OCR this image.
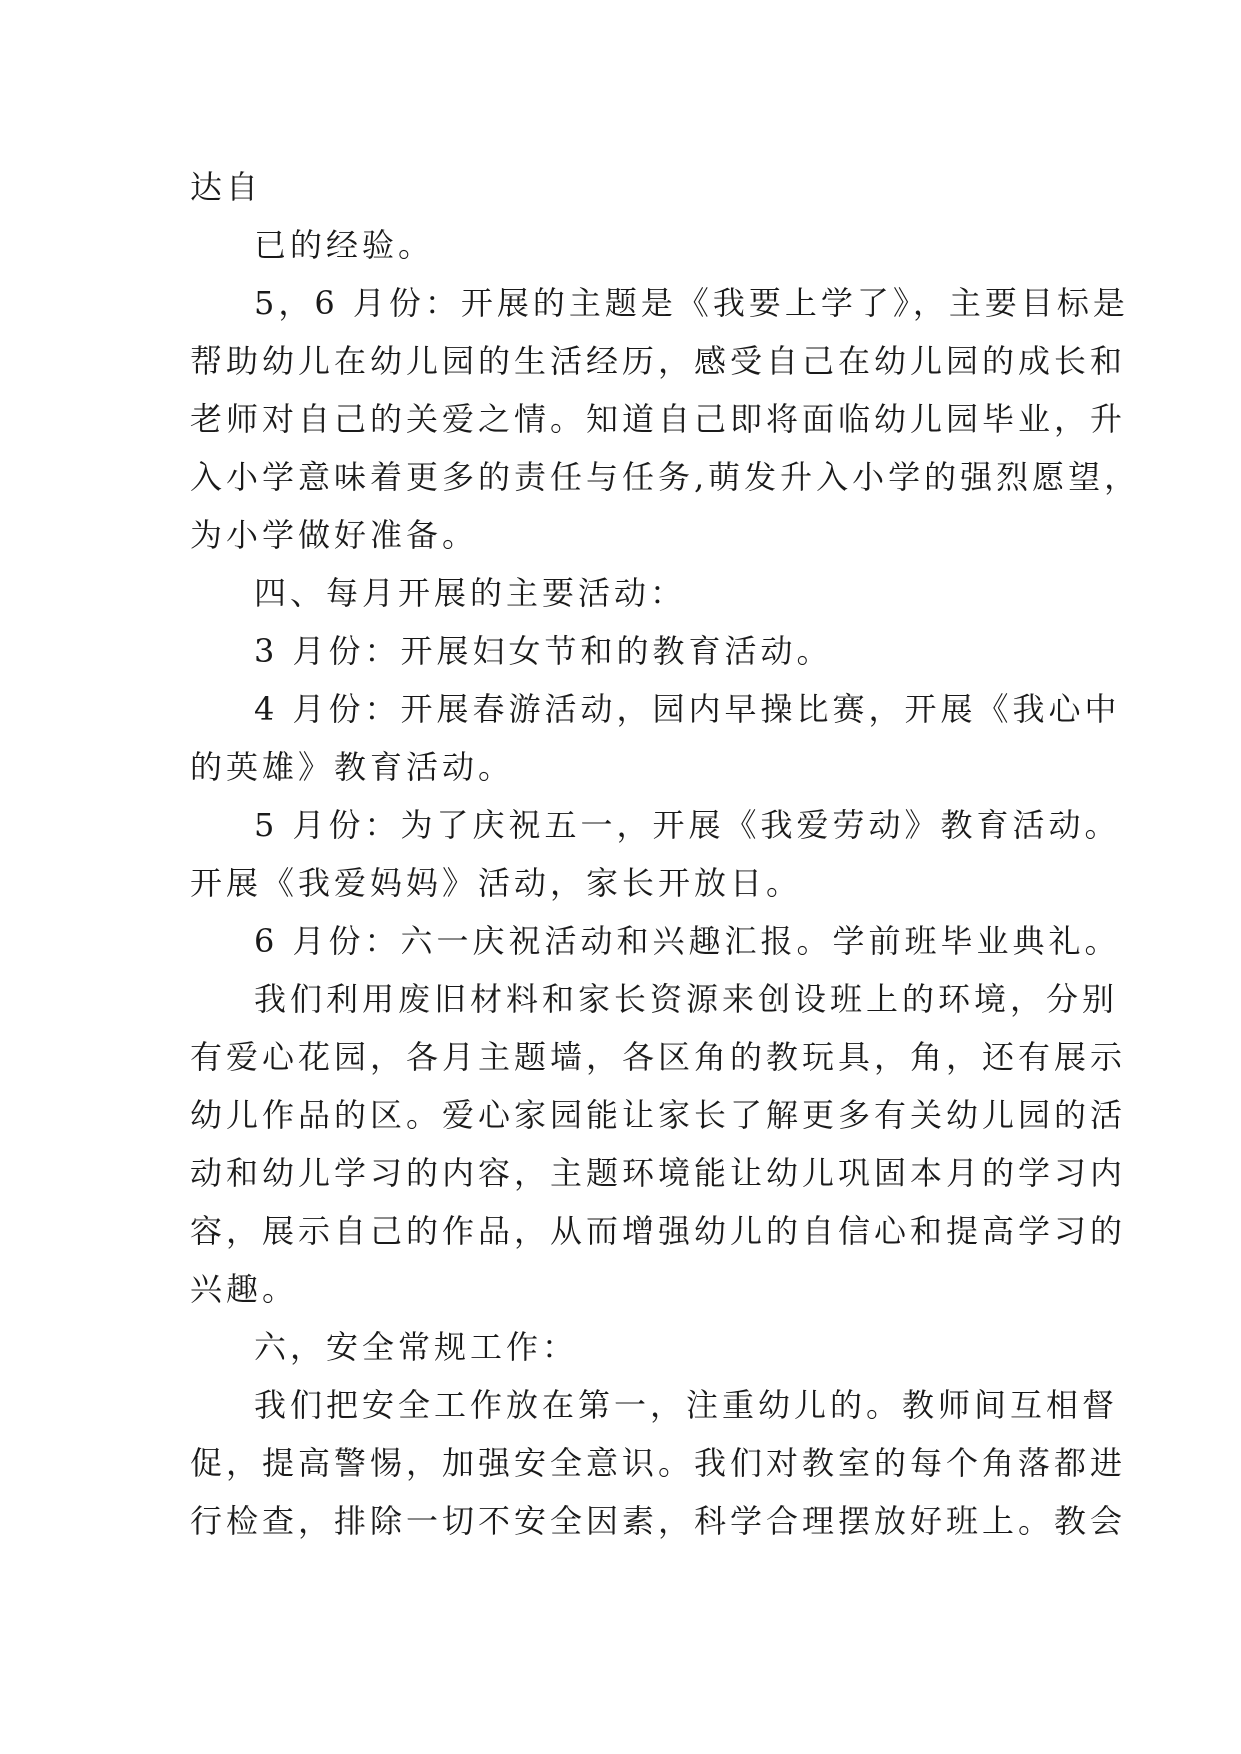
达自
已的经验。
5，6 月份：开展的主题是《我要上学了》，主要目标是
帮助幼儿在幼儿园的生活经历，感受自己在幼儿园的成长和
老师对自己的关爱之情。知道自己即将面临幼儿园毕业，升
入小学意味着更多的责任与任务,萌发升入小学的强烈愿望，
为小学做好准备。
四、每月开展的主要活动：
3 月份：开展妇女节和的教育活动。
4 月份：开展春游活动，园内早操比赛，开展《我心中
的英雄》教育活动。
5 月份：为了庆祝五一，开展《我爱劳动》教育活动。
开展《我爱妈妈》活动，家长开放日。
6 月份：六一庆祝活动和兴趣汇报。学前班毕业典礼。
我们利用废旧材料和家长资源来创设班上的环境，分别
有爱心花园，各月主题墙，各区角的教玩具，角，还有展示
幼儿作品的区。爱心家园能让家长了解更多有关幼儿园的活
动和幼儿学习的内容，主题环境能让幼儿巩固本月的学习内
容，展示自己的作品，从而增强幼儿的自信心和提高学习的
兴趣。
六，安全常规工作：
我们把安全工作放在第一，注重幼儿的。教师间互相督
促，提高警惕，加强安全意识。我们对教室的每个角落都进
行检查，排除一切不安全因素，科学合理摆放好班上。教会
